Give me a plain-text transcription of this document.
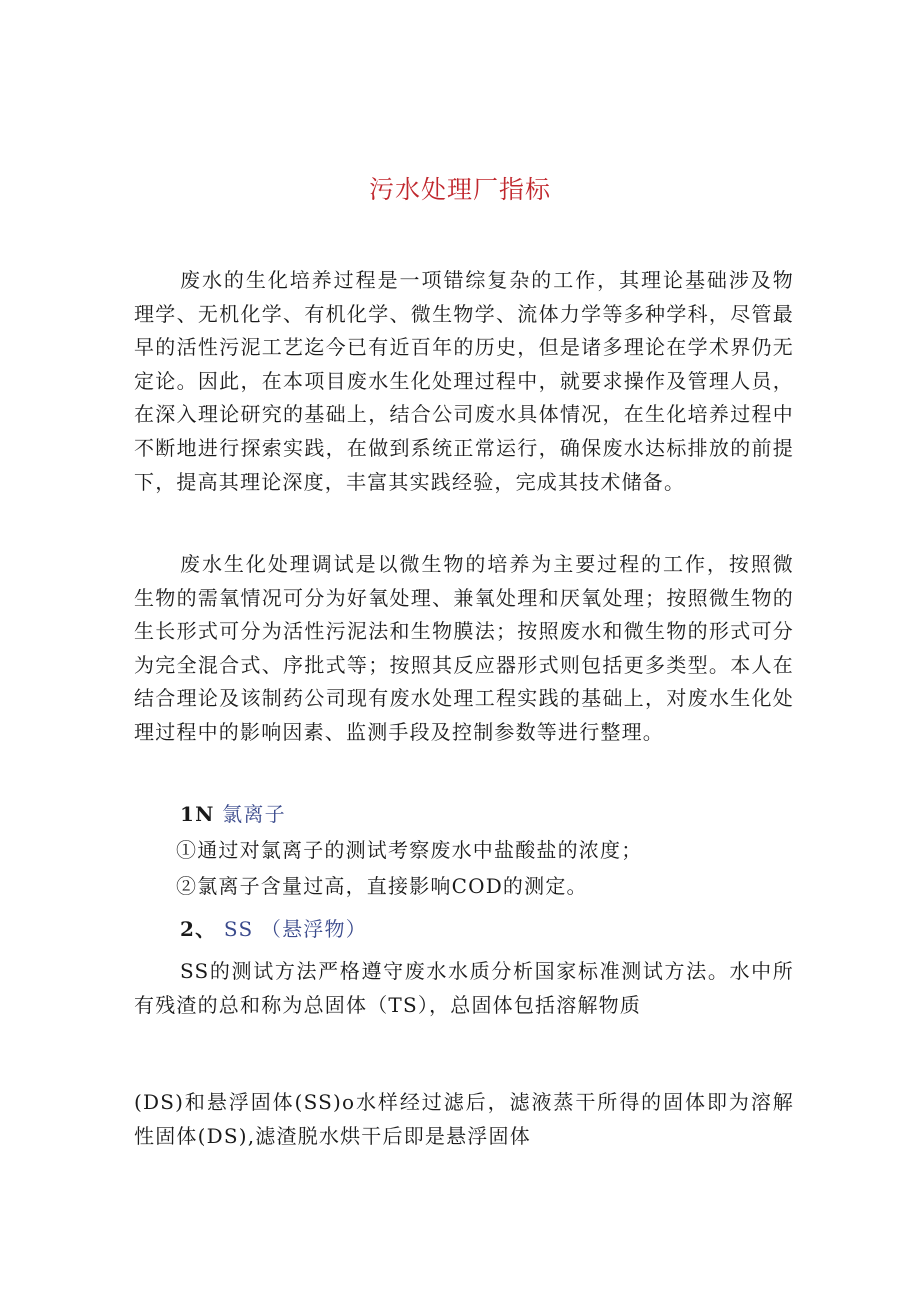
污水处理厂指标

废水的生化培养过程是一项错综复杂的工作，其理论基础涉及物理学、无机化学、有机化学、微生物学、流体力学等多种学科，尽管最早的活性污泥工艺迄今已有近百年的历史，但是诸多理论在学术界仍无定论。因此，在本项目废水生化处理过程中，就要求操作及管理人员，在深入理论研究的基础上，结合公司废水具体情况，在生化培养过程中不断地进行探索实践，在做到系统正常运行，确保废水达标排放的前提下，提高其理论深度，丰富其实践经验，完成其技术储备。

废水生化处理调试是以微生物的培养为主要过程的工作，按照微生物的需氧情况可分为好氧处理、兼氧处理和厌氧处理；按照微生物的生长形式可分为活性污泥法和生物膜法；按照废水和微生物的形式可分为完全混合式、序批式等；按照其反应器形式则包括更多类型。本人在结合理论及该制药公司现有废水处理工程实践的基础上，对废水生化处理过程中的影响因素、监测手段及控制参数等进行整理。

1N 氯离子
①通过对氯离子的测试考察废水中盐酸盐的浓度；
②氯离子含量过高，直接影响COD的测定。
2、 SS （悬浮物）

SS的测试方法严格遵守废水水质分析国家标准测试方法。水中所有残渣的总和称为总固体（TS），总固体包括溶解物质

(DS)和悬浮固体(SS)o水样经过滤后，滤液蒸干所得的固体即为溶解性固体(DS),滤渣脱水烘干后即是悬浮固体
